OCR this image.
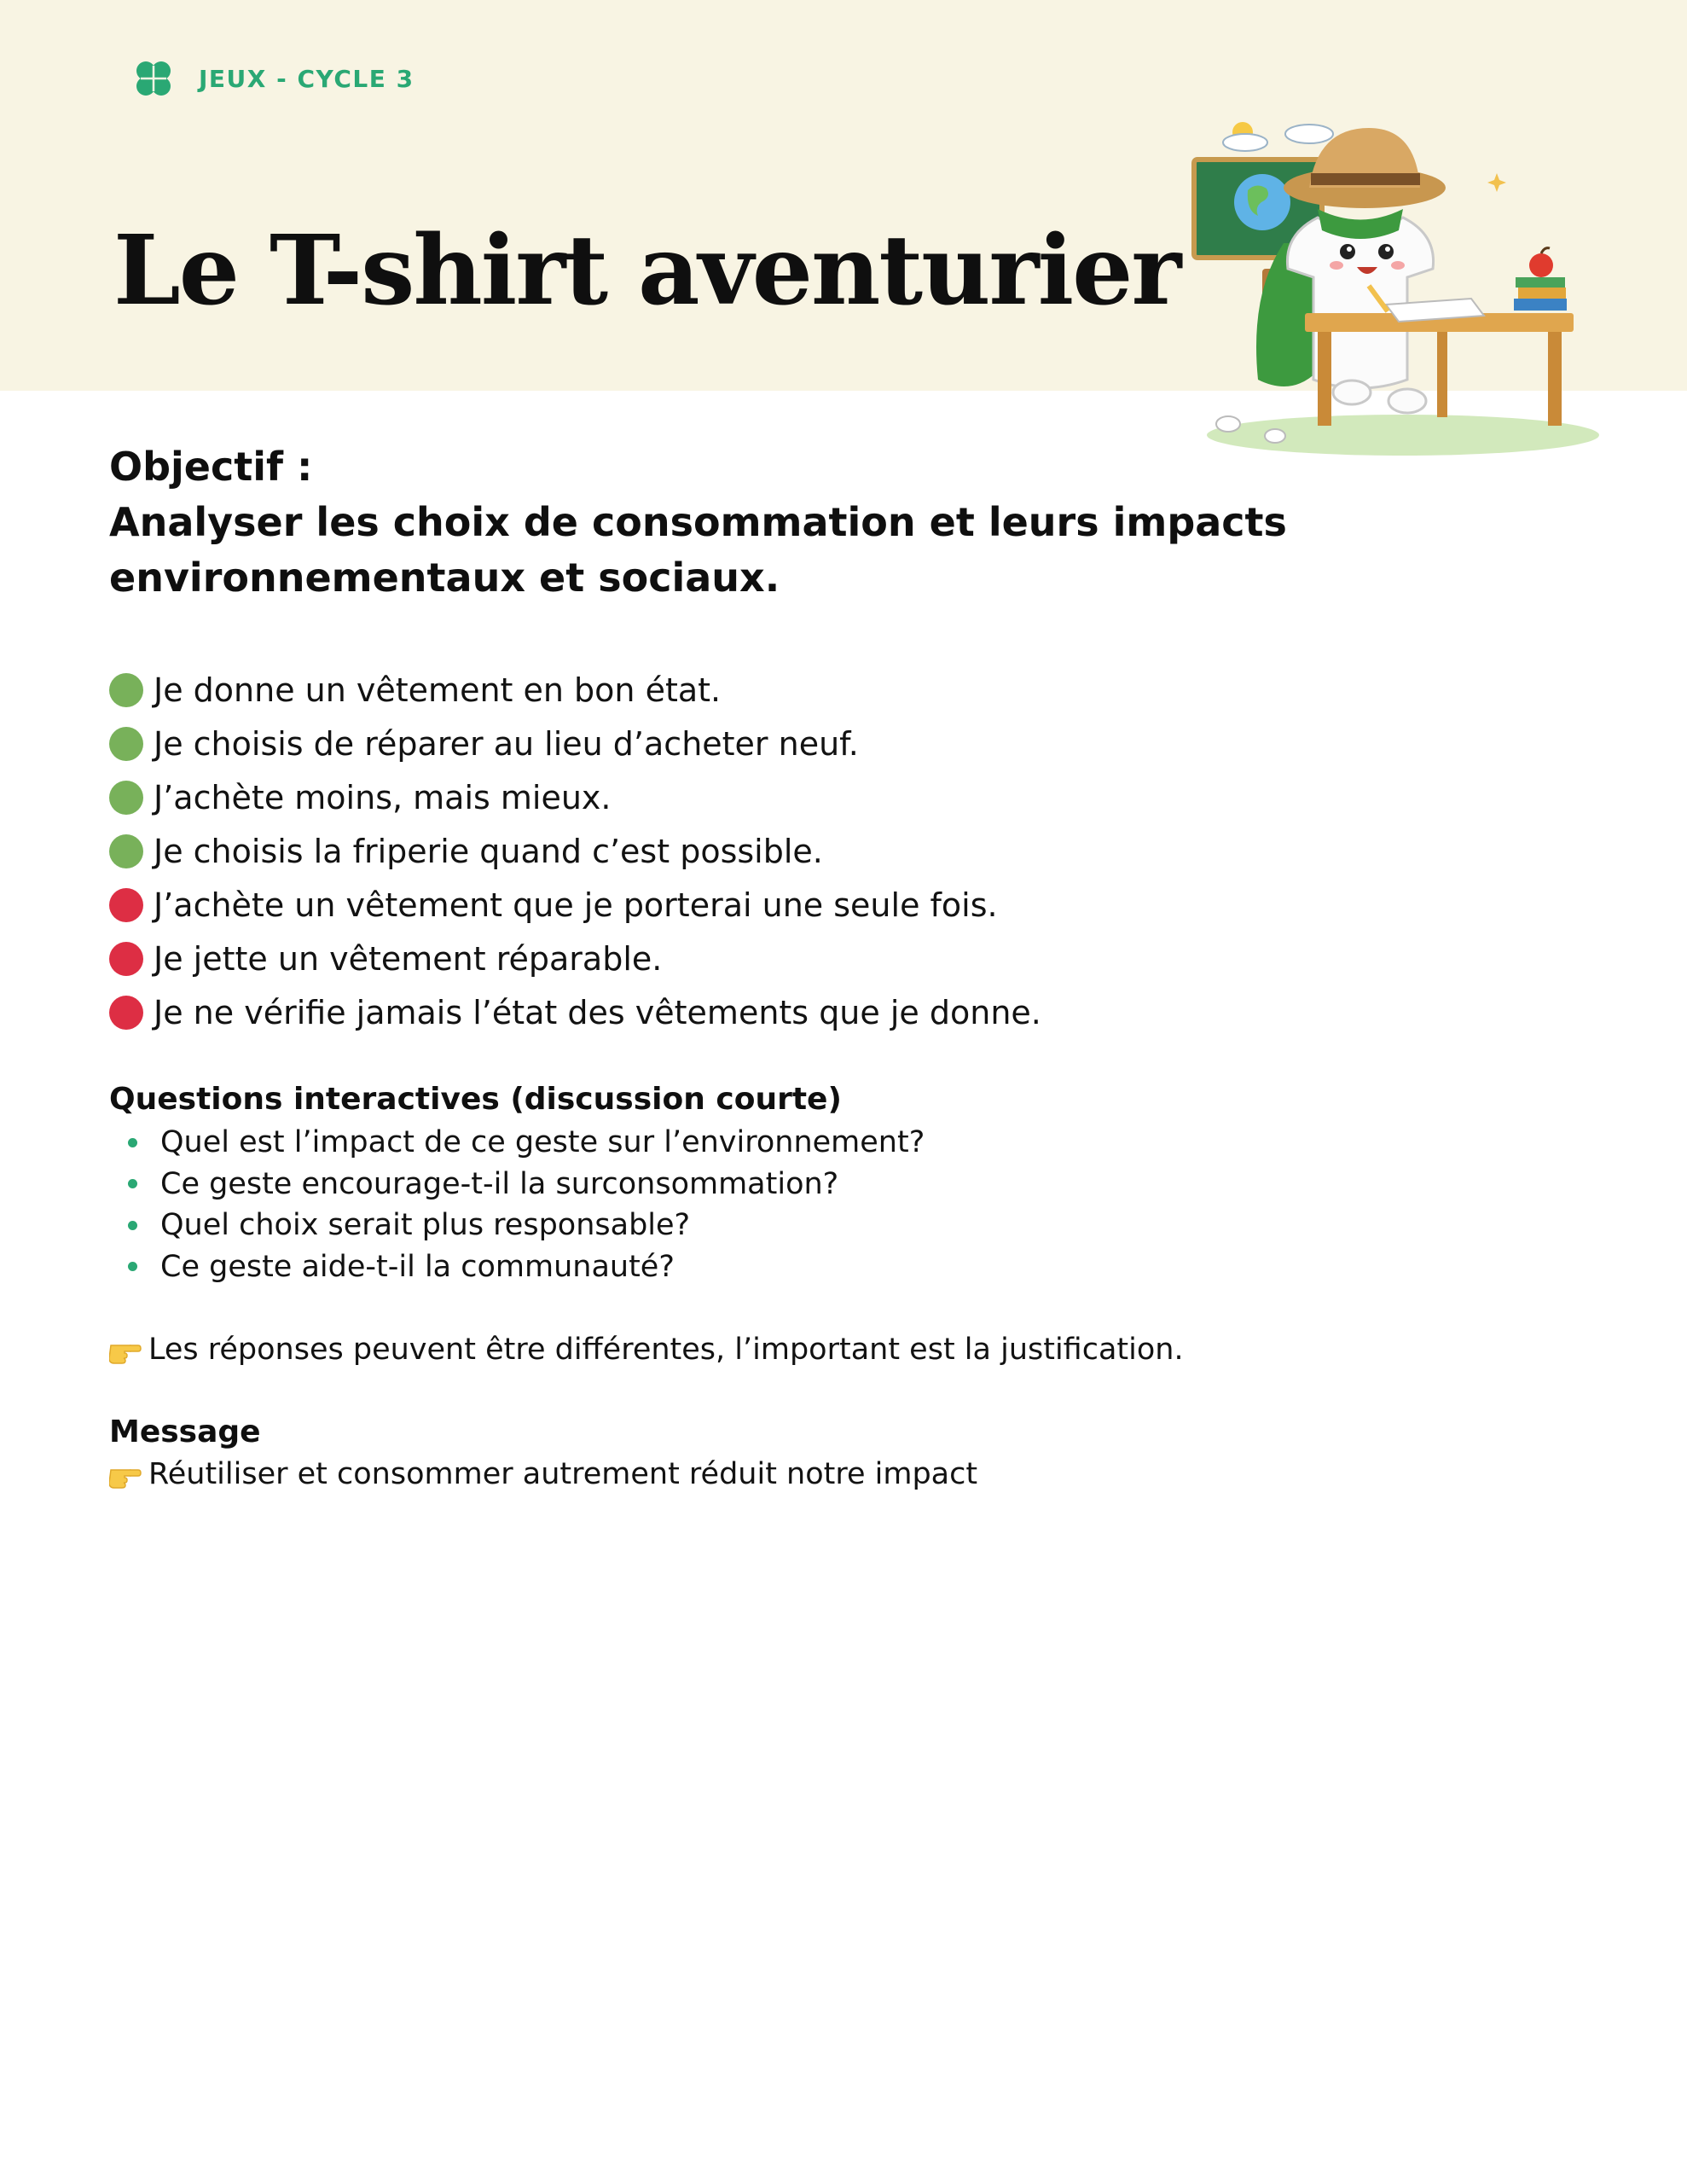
JEUX - CYCLE 3
Le T-shirt aventurier

Objectif :
Analyser les choix de consommation et leurs impacts
environnementaux et sociaux.

Je donne un vêtement en bon état.
Je choisis de réparer au lieu d’acheter neuf.
J’achète moins, mais mieux.
Je choisis la friperie quand c’est possible.
J’achète un vêtement que je porterai une seule fois.
Je jette un vêtement réparable.
Je ne vérifie jamais l’état des vêtements que je donne.
Questions interactives (discussion courte)
Quel est l’impact de ce geste sur l’environnement?
Ce geste encourage-t-il la surconsommation?
Quel choix serait plus responsable?
Ce geste aide-t-il la communauté?
Les réponses peuvent être différentes, l’important est la justification.
Message
Réutiliser et consommer autrement réduit notre impact
